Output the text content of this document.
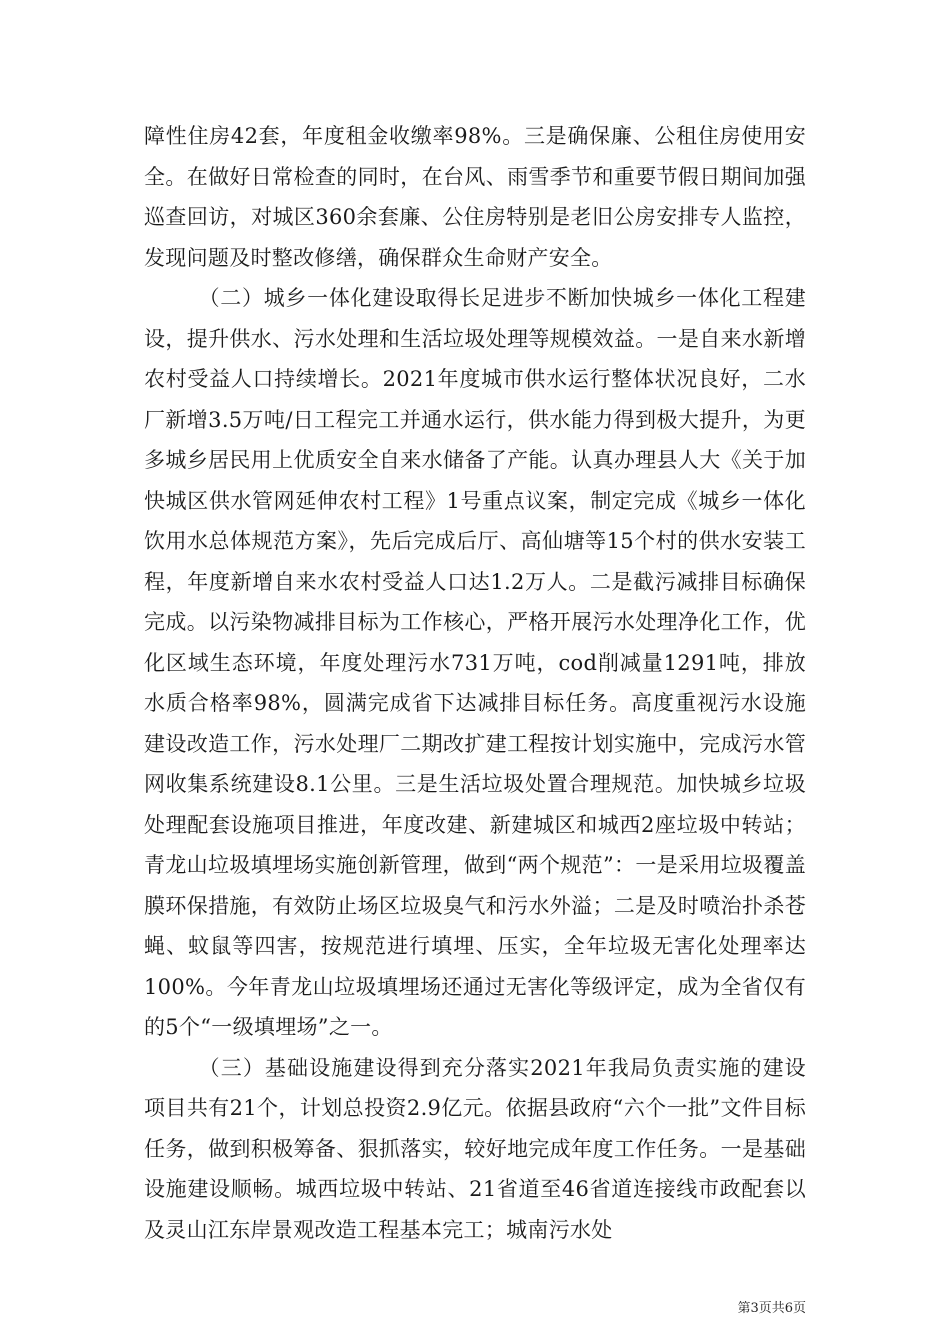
障性住房42套，年度租金收缴率98%。三是确保廉、公租住房使用安全。在做好日常检查的同时，在台风、雨雪季节和重要节假日期间加强巡查回访，对城区360余套廉、公住房特别是老旧公房安排专人监控，发现问题及时整改修缮，确保群众生命财产安全。

（二）城乡一体化建设取得长足进步不断加快城乡一体化工程建设，提升供水、污水处理和生活垃圾处理等规模效益。一是自来水新增农村受益人口持续增长。2021年度城市供水运行整体状况良好，二水厂新增3.5万吨/日工程完工并通水运行，供水能力得到极大提升，为更多城乡居民用上优质安全自来水储备了产能。认真办理县人大《关于加快城区供水管网延伸农村工程》1号重点议案，制定完成《城乡一体化饮用水总体规范方案》，先后完成后厅、高仙塘等15个村的供水安装工程，年度新增自来水农村受益人口达1.2万人。二是截污减排目标确保完成。以污染物减排目标为工作核心，严格开展污水处理净化工作，优化区域生态环境，年度处理污水731万吨，cod削减量1291吨，排放水质合格率98%，圆满完成省下达减排目标任务。高度重视污水设施建设改造工作，污水处理厂二期改扩建工程按计划实施中，完成污水管网收集系统建设8.1公里。三是生活垃圾处置合理规范。加快城乡垃圾处理配套设施项目推进，年度改建、新建城区和城西2座垃圾中转站；青龙山垃圾填埋场实施创新管理，做到“两个规范”：一是采用垃圾覆盖膜环保措施，有效防止场区垃圾臭气和污水外溢；二是及时喷治扑杀苍蝇、蚊鼠等四害，按规范进行填埋、压实，全年垃圾无害化处理率达100%。今年青龙山垃圾填埋场还通过无害化等级评定，成为全省仅有的5个“一级填埋场”之一。

（三）基础设施建设得到充分落实2021年我局负责实施的建设项目共有21个，计划总投资2.9亿元。依据县政府“六个一批”文件目标任务，做到积极筹备、狠抓落实，较好地完成年度工作任务。一是基础设施建设顺畅。城西垃圾中转站、21省道至46省道连接线市政配套以及灵山江东岸景观改造工程基本完工；城南污水处

第3页共6页
